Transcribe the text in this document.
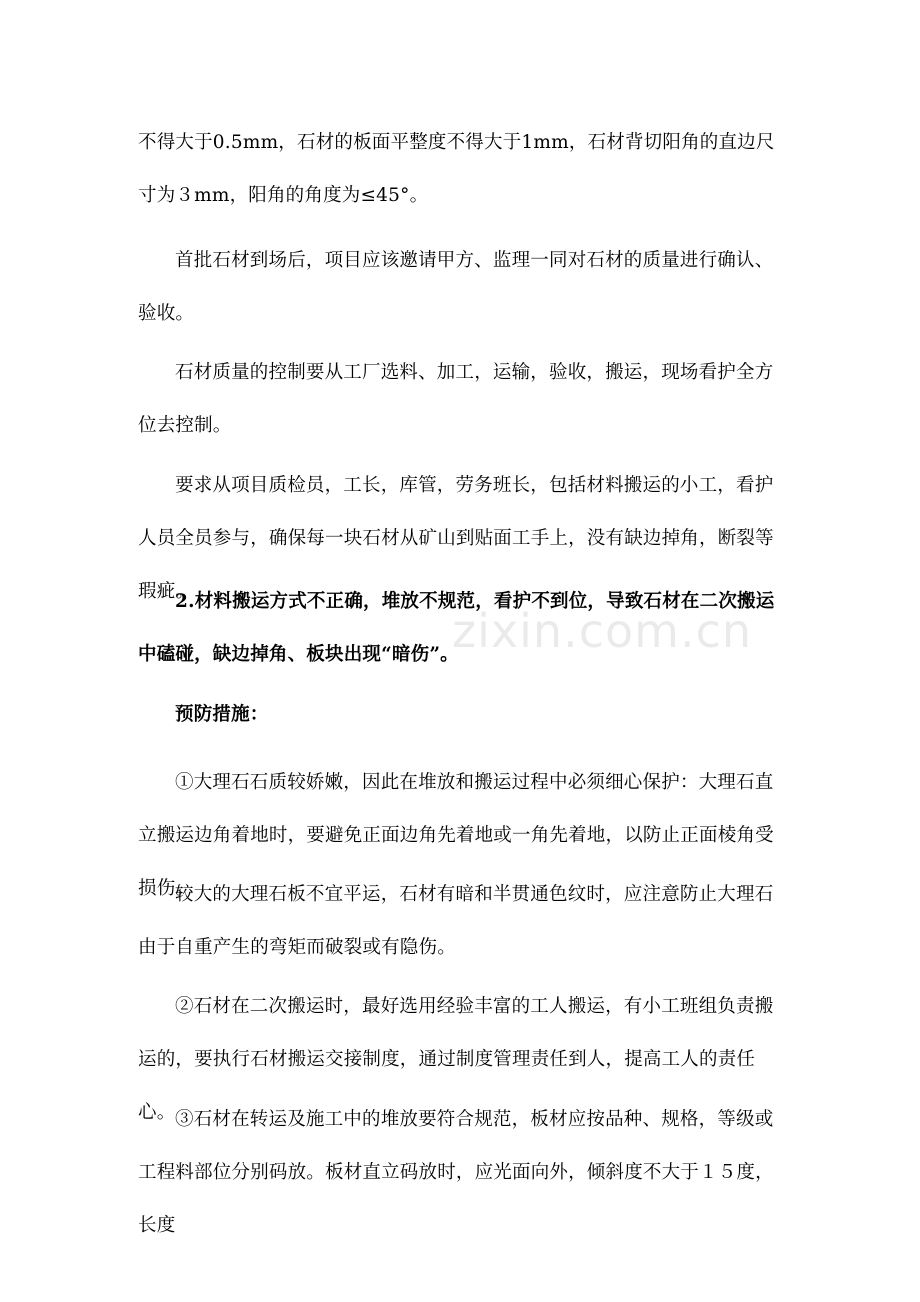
不得大于0.5mm，石材的板面平整度不得大于1mm，石材背切阳角的直边尺寸为３mm，阳角的角度为≤45°。

首批石材到场后，项目应该邀请甲方、监理一同对石材的质量进行确认、验收。

石材质量的控制要从工厂选料、加工，运输，验收，搬运，现场看护全方位去控制。

要求从项目质检员，工长，库管，劳务班长，包括材料搬运的小工，看护人员全员参与，确保每一块石材从矿山到贴面工手上，没有缺边掉角，断裂等瑕疵。

2.材料搬运方式不正确，堆放不规范，看护不到位，导致石材在二次搬运中磕碰，缺边掉角、板块出现“暗伤”。

预防措施：

①大理石石质较娇嫩，因此在堆放和搬运过程中必须细心保护：大理石直立搬运边角着地时，要避免正面边角先着地或一角先着地，以防止正面棱角受损伤。

较大的大理石板不宜平运，石材有暗和半贯通色纹时，应注意防止大理石由于自重产生的弯矩而破裂或有隐伤。

②石材在二次搬运时，最好选用经验丰富的工人搬运，有小工班组负责搬运的，要执行石材搬运交接制度，通过制度管理责任到人，提高工人的责任心。 ③石材在转运及施工中的堆放要符合规范，板材应按品种、规格，等级或工程料部位分别码放。板材直立码放时，应光面向外，倾斜度不大于１５度，长度

zixin.com.cn
